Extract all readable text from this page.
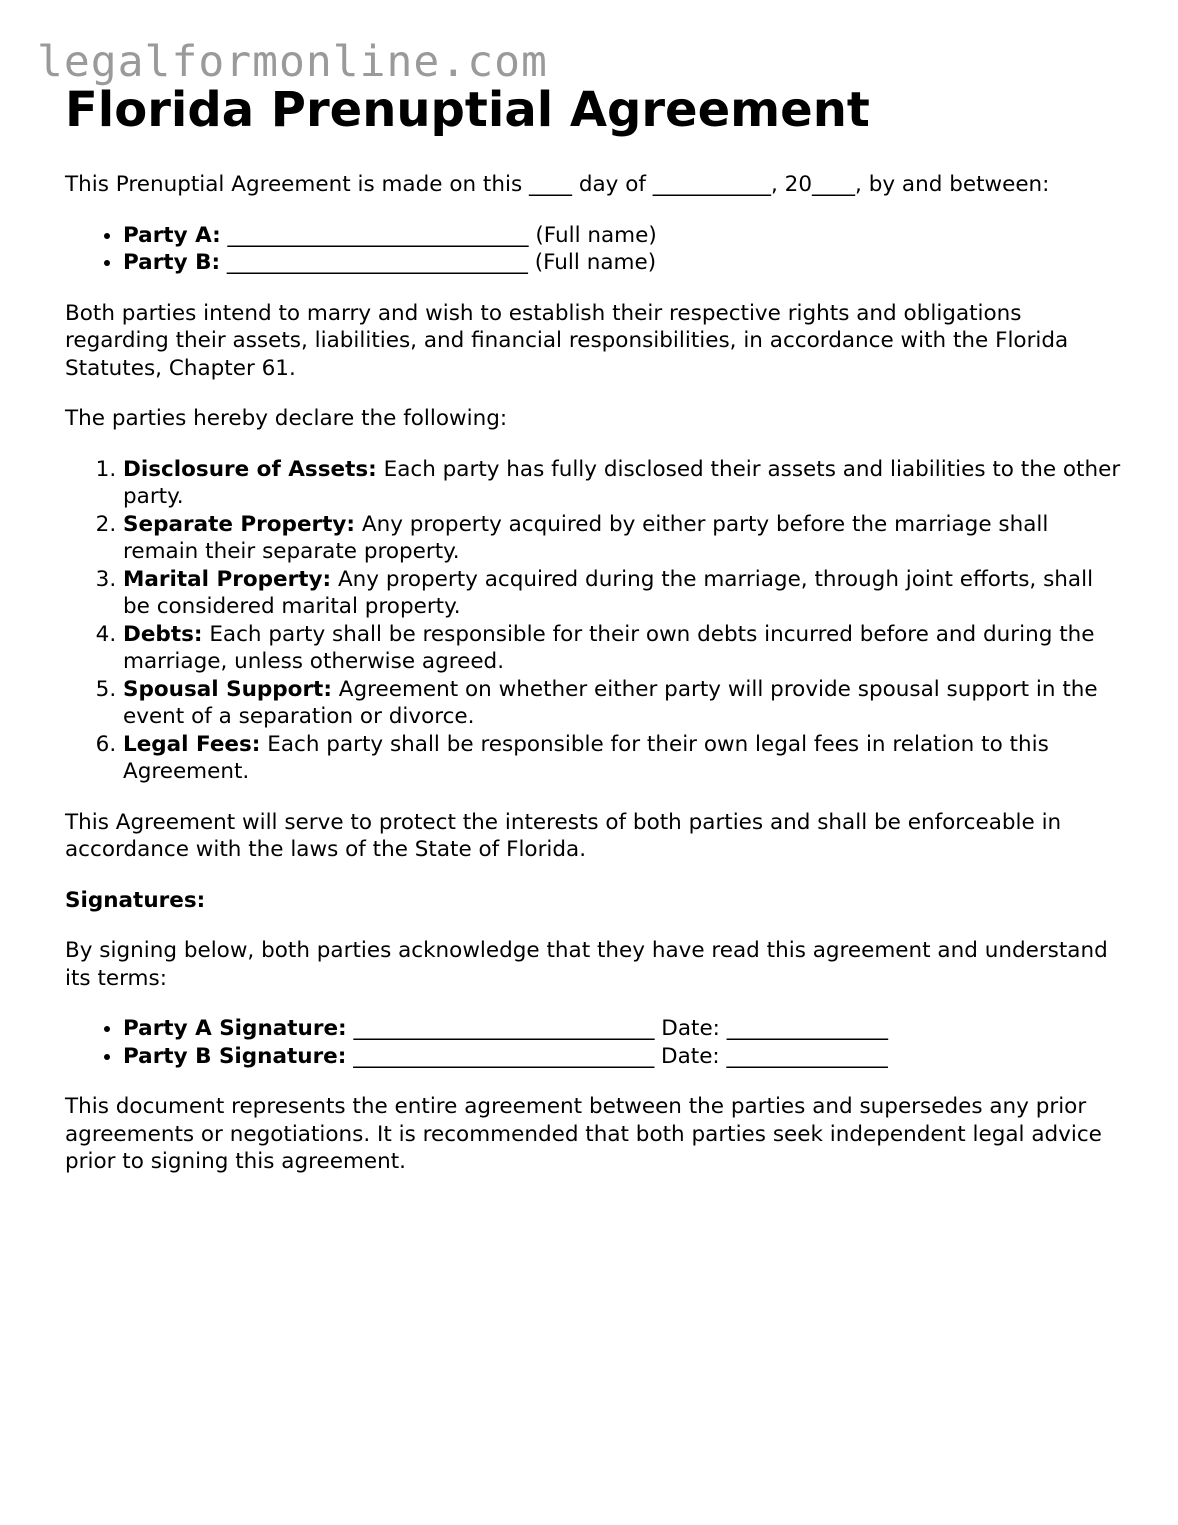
legalformonline.com
Florida Prenuptial Agreement

This Prenuptial Agreement is made on this ____ day of ___________, 20____, by and between:

• Party A: ____________________________ (Full name)
• Party B: ____________________________ (Full name)

Both parties intend to marry and wish to establish their respective rights and obligations regarding their assets, liabilities, and financial responsibilities, in accordance with the Florida Statutes, Chapter 61.

The parties hereby declare the following:

1. Disclosure of Assets: Each party has fully disclosed their assets and liabilities to the other party.
2. Separate Property: Any property acquired by either party before the marriage shall remain their separate property.
3. Marital Property: Any property acquired during the marriage, through joint efforts, shall be considered marital property.
4. Debts: Each party shall be responsible for their own debts incurred before and during the marriage, unless otherwise agreed.
5. Spousal Support: Agreement on whether either party will provide spousal support in the event of a separation or divorce.
6. Legal Fees: Each party shall be responsible for their own legal fees in relation to this Agreement.

This Agreement will serve to protect the interests of both parties and shall be enforceable in accordance with the laws of the State of Florida.

Signatures:

By signing below, both parties acknowledge that they have read this agreement and understand its terms:

• Party A Signature: ____________________________ Date: _______________
• Party B Signature: ____________________________ Date: _______________

This document represents the entire agreement between the parties and supersedes any prior agreements or negotiations. It is recommended that both parties seek independent legal advice prior to signing this agreement.
